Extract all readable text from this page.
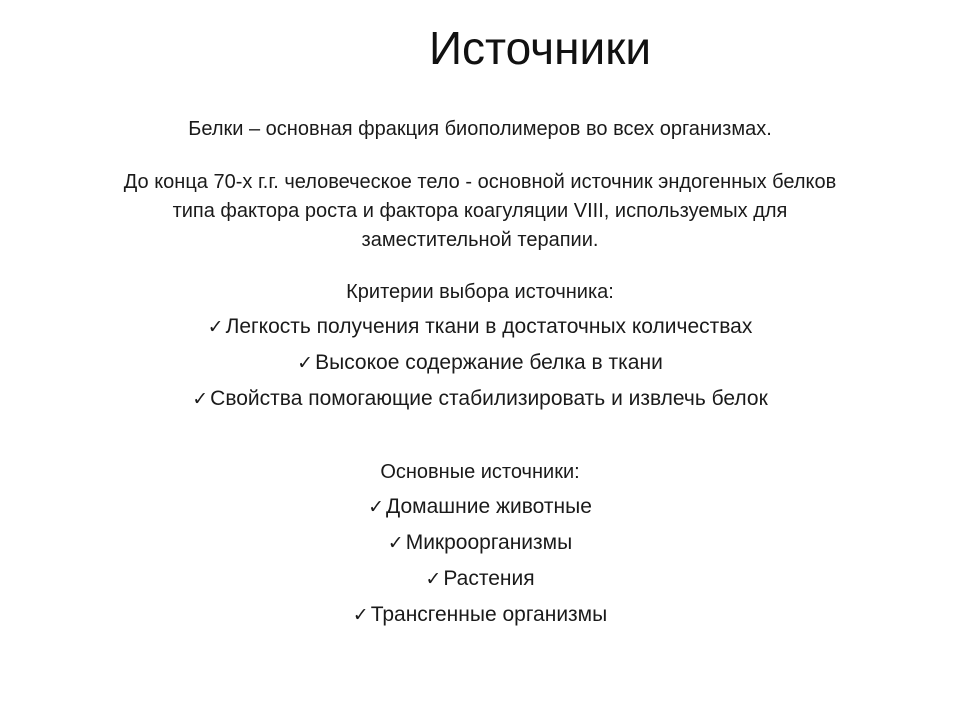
Источники

Белки – основная фракция биополимеров во всех организмах.

До конца 70-х г.г. человеческое тело - основной источник эндогенных белков
типа фактора роста и фактора коагуляции VIII, используемых для
заместительной терапии.

Критерии выбора источника:
✓Легкость получения ткани в достаточных количествах
✓Высокое содержание белка в ткани
✓Свойства помогающие стабилизировать и извлечь белок
Основные источники:
✓Домашние животные
✓Микроорганизмы
✓Растения
✓Трансгенные организмы
